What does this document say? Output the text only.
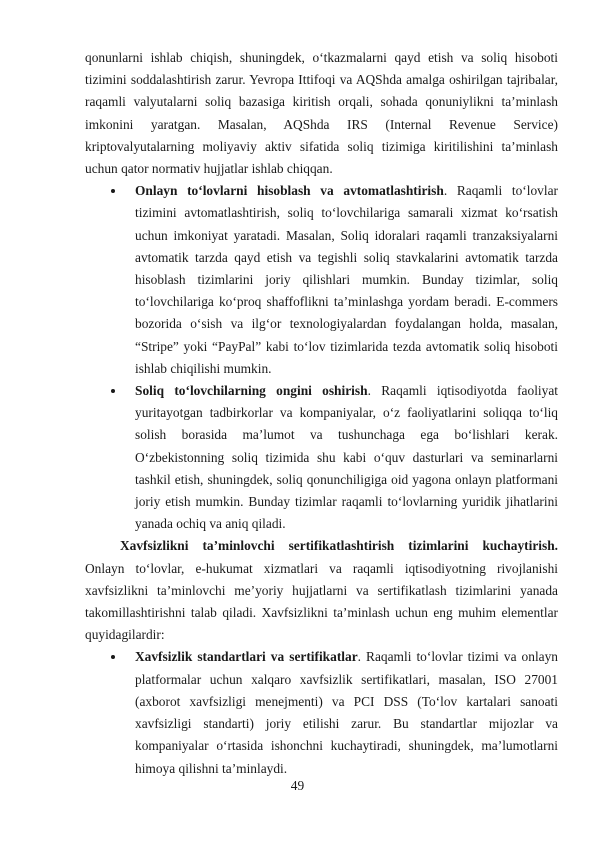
qonunlarni ishlab chiqish, shuningdek, o‘tkazmalarni qayd etish va soliq hisoboti tizimini soddalashtirish zarur. Yevropa Ittifoqi va AQShda amalga oshirilgan tajribalar, raqamli valyutalarni soliq bazasiga kiritish orqali, sohada qonuniylikni ta’minlash imkonini yaratgan. Masalan, AQShda IRS (Internal Revenue Service) kriptovalyutalarning moliyaviy aktiv sifatida soliq tizimiga kiritilishini ta’minlash uchun qator normativ hujjatlar ishlab chiqqan.

Onlayn to‘lovlarni hisoblash va avtomatlashtirish. Raqamli to‘lovlar tizimini avtomatlashtirish, soliq to‘lovchilariga samarali xizmat ko‘rsatish uchun imkoniyat yaratadi. Masalan, Soliq idoralari raqamli tranzaksiyalarni avtomatik tarzda qayd etish va tegishli soliq stavkalarini avtomatik tarzda hisoblash tizimlarini joriy qilishlari mumkin. Bunday tizimlar, soliq to‘lovchilariga ko‘proq shaffoflikni ta’minlashga yordam beradi. E-commers bozorida o‘sish va ilg‘or texnologiyalardan foydalangan holda, masalan, “Stripe” yoki “PayPal” kabi to‘lov tizimlarida tezda avtomatik soliq hisoboti ishlab chiqilishi mumkin.

Soliq to‘lovchilarning ongini oshirish. Raqamli iqtisodiyotda faoliyat yuritayotgan tadbirkorlar va kompaniyalar, o‘z faoliyatlarini soliqqa to‘liq solish borasida ma’lumot va tushunchaga ega bo‘lishlari kerak. O‘zbekistonning soliq tizimida shu kabi o‘quv dasturlari va seminarlarni tashkil etish, shuningdek, soliq qonunchiligiga oid yagona onlayn platformani joriy etish mumkin. Bunday tizimlar raqamli to‘lovlarning yuridik jihatlarini yanada ochiq va aniq qiladi.

Xavfsizlikni ta’minlovchi sertifikatlashtirish tizimlarini kuchaytirish. Onlayn to‘lovlar, e-hukumat xizmatlari va raqamli iqtisodiyotning rivojlanishi xavfsizlikni ta’minlovchi me’yoriy hujjatlarni va sertifikatlash tizimlarini yanada takomillashtirishni talab qiladi. Xavfsizlikni ta’minlash uchun eng muhim elementlar quyidagilardir:

Xavfsizlik standartlari va sertifikatlar. Raqamli to‘lovlar tizimi va onlayn platformalar uchun xalqaro xavfsizlik sertifikatlari, masalan, ISO 27001 (axborot xavfsizligi menejmenti) va PCI DSS (To‘lov kartalari sanoati xavfsizligi standarti) joriy etilishi zarur. Bu standartlar mijozlar va kompaniyalar o‘rtasida ishonchni kuchaytiradi, shuningdek, ma’lumotlarni himoya qilishni ta’minlaydi.

49
